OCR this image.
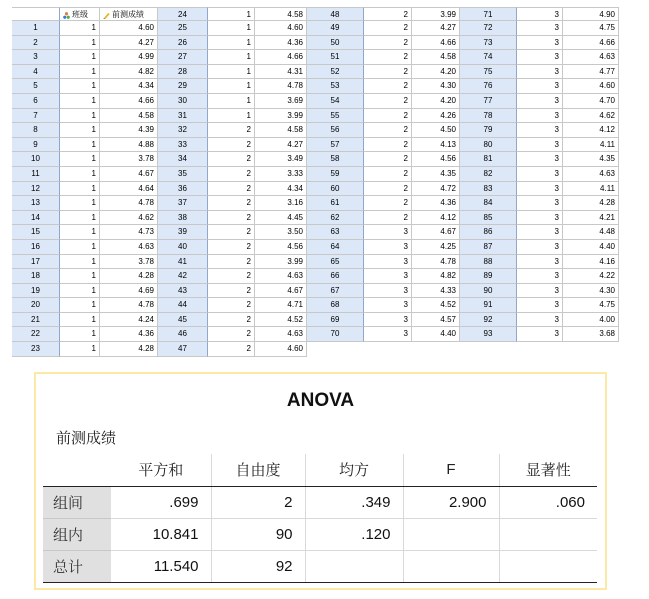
班级	前测成绩
1	1	4.60
2	1	4.27
3	1	4.99
4	1	4.82
5	1	4.34
6	1	4.66
7	1	4.58
8	1	4.39
9	1	4.88
10	1	3.78
11	1	4.67
12	1	4.64
13	1	4.78
14	1	4.62
15	1	4.73
16	1	4.63
17	1	3.78
18	1	4.28
19	1	4.69
20	1	4.78
21	1	4.24
22	1	4.36
23	1	4.28
24	1	4.58
25	1	4.60
26	1	4.36
27	1	4.66
28	1	4.31
29	1	4.78
30	1	3.69
31	1	3.99
32	2	4.58
33	2	4.27
34	2	3.49
35	2	3.33
36	2	4.34
37	2	3.16
38	2	4.45
39	2	3.50
40	2	4.56
41	2	3.99
42	2	4.63
43	2	4.67
44	2	4.71
45	2	4.52
46	2	4.63
47	2	4.60
48	2	3.99
49	2	4.27
50	2	4.66
51	2	4.58
52	2	4.20
53	2	4.30
54	2	4.20
55	2	4.26
56	2	4.50
57	2	4.13
58	2	4.56
59	2	4.35
60	2	4.72
61	2	4.36
62	2	4.12
63	3	4.67
64	3	4.25
65	3	4.78
66	3	4.82
67	3	4.33
68	3	4.52
69	3	4.57
70	3	4.40
71	3	4.90
72	3	4.75
73	3	4.66
74	3	4.63
75	3	4.77
76	3	4.60
77	3	4.70
78	3	4.62
79	3	4.12
80	3	4.11
81	3	4.35
82	3	4.63
83	3	4.11
84	3	4.28
85	3	4.21
86	3	4.48
87	3	4.40
88	3	4.16
89	3	4.22
90	3	4.30
91	3	4.75
92	3	4.00
93	3	3.68
ANOVA
前测成绩
	平方和	自由度	均方	F	显著性
组间	.699	2	.349	2.900	.060
组内	10.841	90	.120		
总计	11.540	92			
